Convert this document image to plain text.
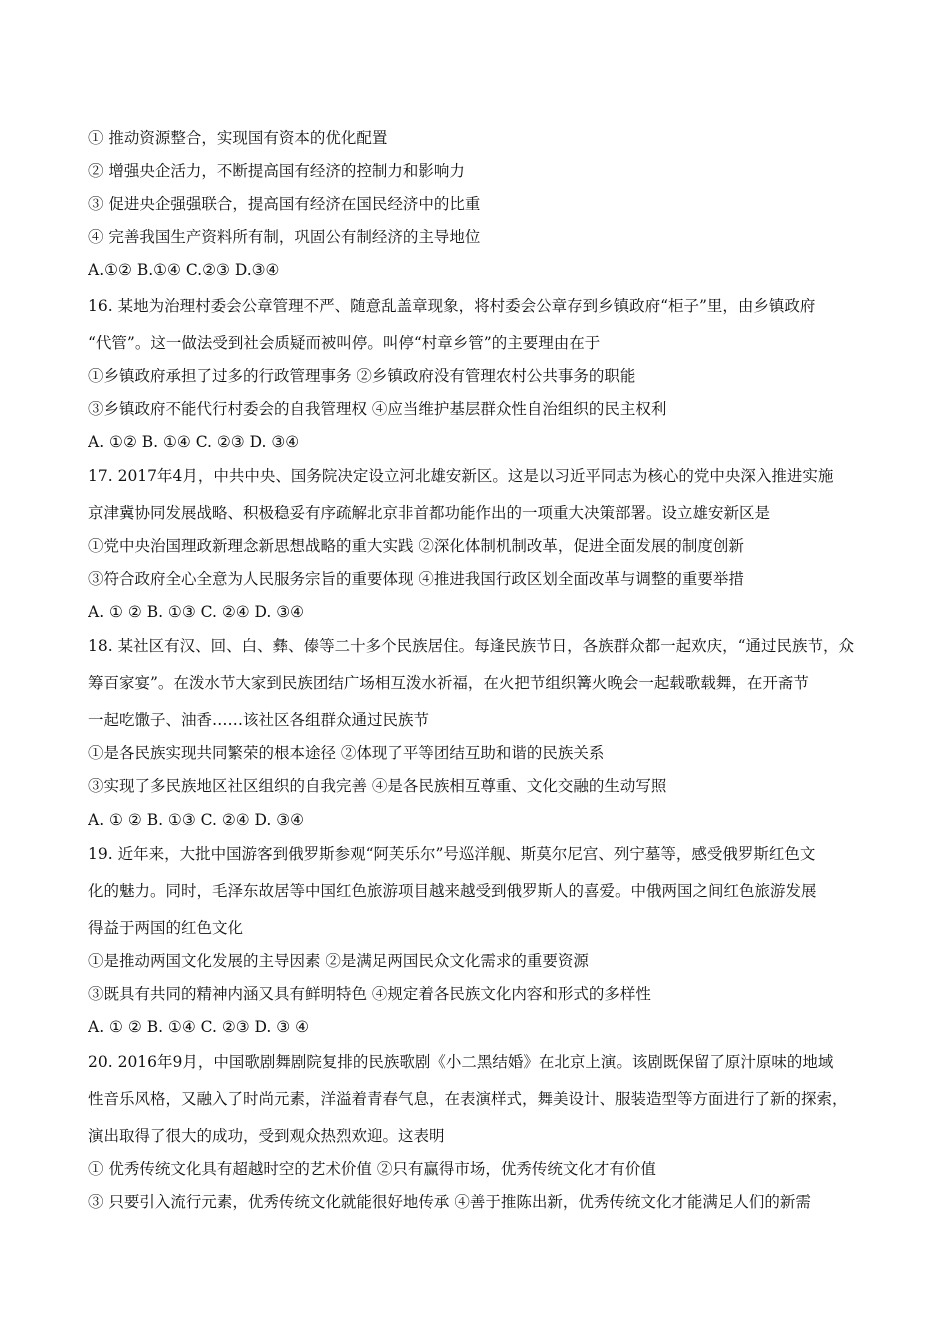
① 推动资源整合，实现国有资本的优化配置
② 增强央企活力，不断提高国有经济的控制力和影响力
③ 促进央企强强联合，提高国有经济在国民经济中的比重
④ 完善我国生产资料所有制，巩固公有制经济的主导地位
A.①② B.①④ C.②③ D.③④
16. 某地为治理村委会公章管理不严、随意乱盖章现象，将村委会公章存到乡镇政府“柜子”里，由乡镇政府
“代管”。这一做法受到社会质疑而被叫停。叫停“村章乡管”的主要理由在于
①乡镇政府承担了过多的行政管理事务 ②乡镇政府没有管理农村公共事务的职能
③乡镇政府不能代行村委会的自我管理权 ④应当维护基层群众性自治组织的民主权利
A. ①② B. ①④ C. ②③ D. ③④
17. 2017年4月，中共中央、国务院决定设立河北雄安新区。这是以习近平同志为核心的党中央深入推进实施
京津冀协同发展战略、积极稳妥有序疏解北京非首都功能作出的一项重大决策部署。设立雄安新区是
①党中央治国理政新理念新思想战略的重大实践 ②深化体制机制改革，促进全面发展的制度创新
③符合政府全心全意为人民服务宗旨的重要体现 ④推进我国行政区划全面改革与调整的重要举措
A. ① ② B. ①③ C. ②④ D. ③④
18. 某社区有汉、回、白、彝、傣等二十多个民族居住。每逢民族节日，各族群众都一起欢庆，“通过民族节，众
筹百家宴”。在泼水节大家到民族团结广场相互泼水祈福，在火把节组织篝火晚会一起载歌载舞，在开斋节
一起吃馓子、油香……该社区各组群众通过民族节
①是各民族实现共同繁荣的根本途径 ②体现了平等团结互助和谐的民族关系
③实现了多民族地区社区组织的自我完善 ④是各民族相互尊重、文化交融的生动写照
A. ① ② B. ①③ C. ②④ D. ③④
19. 近年来，大批中国游客到俄罗斯参观“阿芙乐尔”号巡洋舰、斯莫尔尼宫、列宁墓等，感受俄罗斯红色文
化的魅力。同时，毛泽东故居等中国红色旅游项目越来越受到俄罗斯人的喜爱。中俄两国之间红色旅游发展
得益于两国的红色文化
①是推动两国文化发展的主导因素 ②是满足两国民众文化需求的重要资源
③既具有共同的精神内涵又具有鲜明特色 ④规定着各民族文化内容和形式的多样性
A. ① ② B. ①④ C. ②③ D. ③ ④
20. 2016年9月，中国歌剧舞剧院复排的民族歌剧《小二黑结婚》在北京上演。该剧既保留了原汁原味的地域
性音乐风格，又融入了时尚元素，洋溢着青春气息，在表演样式，舞美设计、服装造型等方面进行了新的探索，
演出取得了很大的成功，受到观众热烈欢迎。这表明
① 优秀传统文化具有超越时空的艺术价值 ②只有赢得市场，优秀传统文化才有价值
③ 只要引入流行元素，优秀传统文化就能很好地传承 ④善于推陈出新，优秀传统文化才能满足人们的新需
